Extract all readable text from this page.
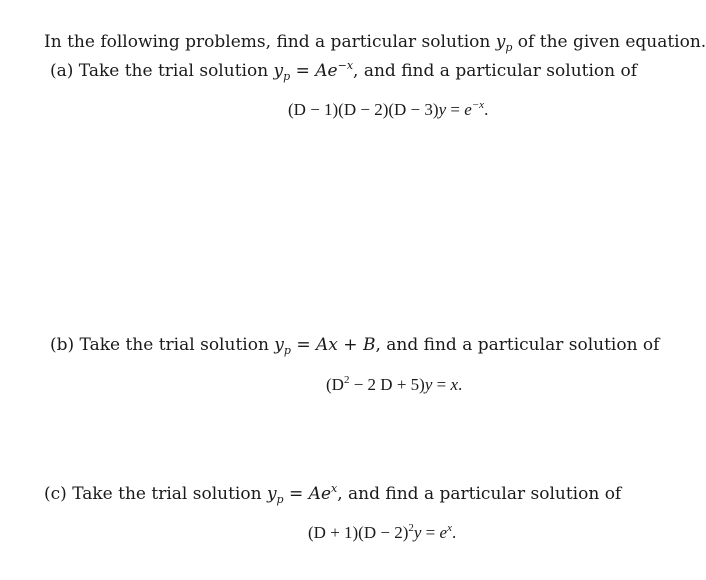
In the following problems, find a particular solution $y_p$ of the given equation.
(a) Take the trial solution $y_p = Ae^{-x}$, and find a particular solution of
$(D - 1)(D - 2)(D - 3)y = e^{-x}$.
(b) Take the trial solution $y_p = Ax + B$, and find a particular solution of
($D^2 - 2$ D + 5)y = x.
(c) Take the trial solution $y_p = Ae^x$, and find a particular solution of
$(D + 1)(D - 2)^2y = e^x$.
